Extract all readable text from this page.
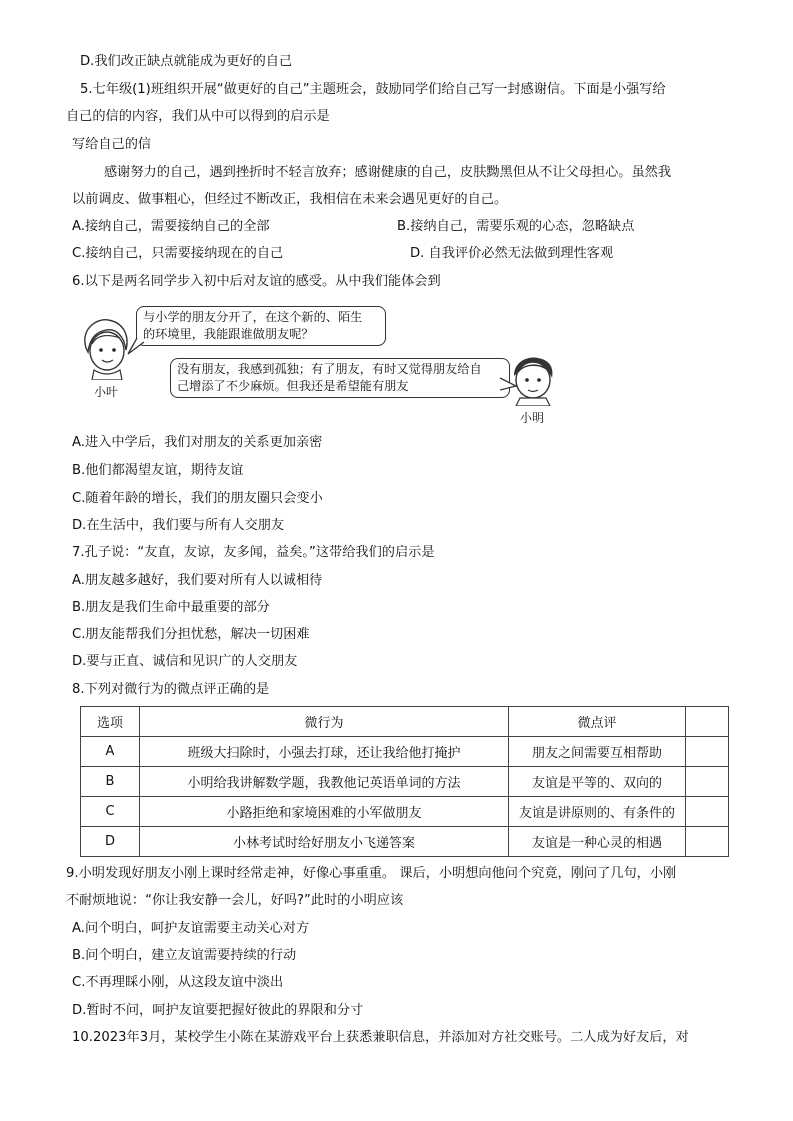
D.我们改正缺点就能成为更好的自己
5.七年级(1)班组织开展“做更好的自己”主题班会，鼓励同学们给自己写一封感谢信。下面是小强写给
自己的信的内容，我们从中可以得到的启示是
写给自己的信
感谢努力的自己，遇到挫折时不轻言放弃；感谢健康的自己，皮肤黝黑但从不让父母担心。虽然我
以前调皮、做事粗心，但经过不断改正，我相信在未来会遇见更好的自己。
A.接纳自己，需要接纳自己的全部	B.接纳自己，需要乐观的心态，忽略缺点
C.接纳自己，只需要接纳现在的自己	D. 自我评价必然无法做到理性客观
6.以下是两名同学步入初中后对友谊的感受。从中我们能体会到
小叶
与小学的朋友分开了，在这个新的、陌生
的环境里，我能跟谁做朋友呢？
没有朋友，我感到孤独；有了朋友，有时又觉得朋友给自
己增添了不少麻烦。但我还是希望能有朋友
小明
A.进入中学后，我们对朋友的关系更加亲密
B.他们都渴望友谊，期待友谊
C.随着年龄的增长，我们的朋友圈只会变小
D.在生活中，我们要与所有人交朋友
7.孔子说：“友直，友谅，友多闻，益矣。”这带给我们的启示是
A.朋友越多越好，我们要对所有人以诚相待
B.朋友是我们生命中最重要的部分
C.朋友能帮我们分担忧愁，解决一切困难
D.要与正直、诚信和见识广的人交朋友
8.下列对微行为的微点评正确的是
选项	微行为	微点评	
A	班级大扫除时，小强去打球，还让我给他打掩护	朋友之间需要互相帮助	
B	小明给我讲解数学题，我教他记英语单词的方法	友谊是平等的、双向的	
C	小路拒绝和家境困难的小军做朋友	友谊是讲原则的、有条件的	
D	小林考试时给好朋友小飞递答案	友谊是一种心灵的相遇	
9.小明发现好朋友小刚上课时经常走神，好像心事重重。 课后，小明想向他问个究竟，刚问了几句，小刚
不耐烦地说：“你让我安静一会儿，好吗?”此时的小明应该
A.问个明白，呵护友谊需要主动关心对方
B.问个明白，建立友谊需要持续的行动
C.不再理睬小刚，从这段友谊中淡出
D.暂时不问，呵护友谊要把握好彼此的界限和分寸
10.2023年3月，某校学生小陈在某游戏平台上获悉兼职信息，并添加对方社交账号。二人成为好友后，对
